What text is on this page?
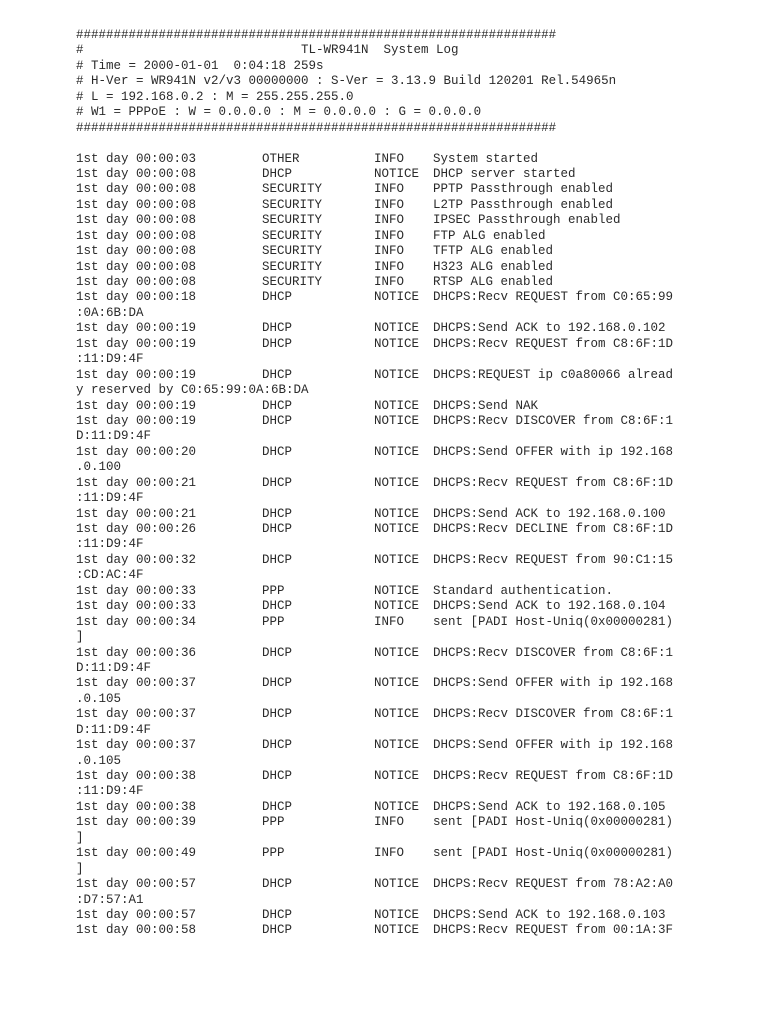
################################################################
#                             TL-WR941N  System Log
# Time = 2000-01-01  0:04:18 259s
# H-Ver = WR941N v2/v3 00000000 : S-Ver = 3.13.9 Build 120201 Rel.54965n
# L = 192.168.0.2 : M = 255.255.255.0
# W1 = PPPoE : W = 0.0.0.0 : M = 0.0.0.0 : G = 0.0.0.0
################################################################
1st day 00:00:03	OTHER	INFO System started
1st day 00:00:08	DHCP	NOTICE DHCP server started
1st day 00:00:08	SECURITY	INFO PPTP Passthrough enabled
1st day 00:00:08	SECURITY	INFO L2TP Passthrough enabled
1st day 00:00:08	SECURITY	INFO IPSEC Passthrough enabled
1st day 00:00:08	SECURITY	INFO FTP ALG enabled
1st day 00:00:08	SECURITY	INFO TFTP ALG enabled
1st day 00:00:08	SECURITY	INFO H323 ALG enabled
1st day 00:00:08	SECURITY	INFO RTSP ALG enabled
1st day 00:00:18	DHCP	NOTICE DHCPS:Recv REQUEST from C0:65:99
:0A:6B:DA
1st day 00:00:19	DHCP	NOTICE DHCPS:Send ACK to 192.168.0.102
1st day 00:00:19	DHCP	NOTICE DHCPS:Recv REQUEST from C8:6F:1D
:11:D9:4F
1st day 00:00:19	DHCP	NOTICE DHCPS:REQUEST ip c0a80066 alread
y reserved by C0:65:99:0A:6B:DA
1st day 00:00:19	DHCP	NOTICE DHCPS:Send NAK
1st day 00:00:19	DHCP	NOTICE DHCPS:Recv DISCOVER from C8:6F:1
D:11:D9:4F
1st day 00:00:20	DHCP	NOTICE DHCPS:Send OFFER with ip 192.168
.0.100
1st day 00:00:21	DHCP	NOTICE DHCPS:Recv REQUEST from C8:6F:1D
:11:D9:4F
1st day 00:00:21	DHCP	NOTICE DHCPS:Send ACK to 192.168.0.100
1st day 00:00:26	DHCP	NOTICE DHCPS:Recv DECLINE from C8:6F:1D
:11:D9:4F
1st day 00:00:32	DHCP	NOTICE DHCPS:Recv REQUEST from 90:C1:15
:CD:AC:4F
1st day 00:00:33	PPP	NOTICE Standard authentication.
1st day 00:00:33	DHCP	NOTICE DHCPS:Send ACK to 192.168.0.104
1st day 00:00:34	PPP	INFO sent [PADI Host-Uniq(0x00000281)
]
1st day 00:00:36	DHCP	NOTICE DHCPS:Recv DISCOVER from C8:6F:1
D:11:D9:4F
1st day 00:00:37	DHCP	NOTICE DHCPS:Send OFFER with ip 192.168
.0.105
1st day 00:00:37	DHCP	NOTICE DHCPS:Recv DISCOVER from C8:6F:1
D:11:D9:4F
1st day 00:00:37	DHCP	NOTICE DHCPS:Send OFFER with ip 192.168
.0.105
1st day 00:00:38	DHCP	NOTICE DHCPS:Recv REQUEST from C8:6F:1D
:11:D9:4F
1st day 00:00:38	DHCP	NOTICE DHCPS:Send ACK to 192.168.0.105
1st day 00:00:39	PPP	INFO sent [PADI Host-Uniq(0x00000281)
]
1st day 00:00:49	PPP	INFO sent [PADI Host-Uniq(0x00000281)
]
1st day 00:00:57	DHCP	NOTICE DHCPS:Recv REQUEST from 78:A2:A0
:D7:57:A1
1st day 00:00:57	DHCP	NOTICE DHCPS:Send ACK to 192.168.0.103
1st day 00:00:58	DHCP	NOTICE DHCPS:Recv REQUEST from 00:1A:3F
